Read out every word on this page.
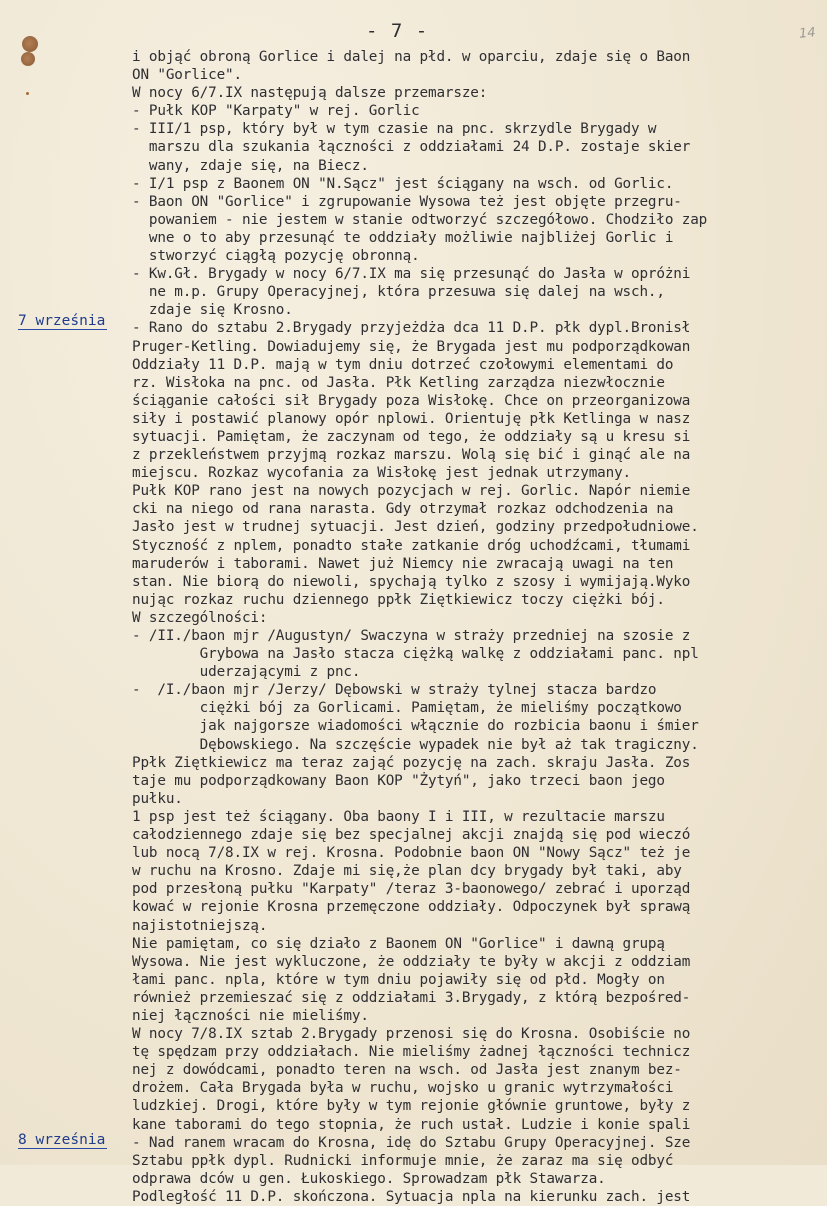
- 7 -	14
7 września
8 września
i objąć obroną Gorlice i dalej na płd. w oparciu, zdaje się o Baon
ON "Gorlice".
W nocy 6/7.IX następują dalsze przemarsze:
- Pułk KOP "Karpaty" w rej. Gorlic
- III/1 psp, który był w tym czasie na pnc. skrzydle Brygady w
marszu dla szukania łączności z oddziałami 24 D.P. zostaje skier
wany, zdaje się, na Biecz.
- I/1 psp z Baonem ON "N.Sącz" jest ściągany na wsch. od Gorlic.
- Baon ON "Gorlice" i zgrupowanie Wysowa też jest objęte przegru-
powaniem - nie jestem w stanie odtworzyć szczegółowo. Chodziło zap
wne o to aby przesunąć te oddziały możliwie najbliżej Gorlic i
stworzyć ciągłą pozycję obronną.
- Kw.Gł. Brygady w nocy 6/7.IX ma się przesunąć do Jasła w opróżni
ne m.p. Grupy Operacyjnej, która przesuwa się dalej na wsch.,
zdaje się Krosno.
- Rano do sztabu 2.Brygady przyjeżdża dca 11 D.P. płk dypl.Bronisł
Pruger-Ketling. Dowiadujemy się, że Brygada jest mu podporządkowan
Oddziały 11 D.P. mają w tym dniu dotrzeć czołowymi elementami do
rz. Wisłoka na pnc. od Jasła. Płk Ketling zarządza niezwłocznie
ściąganie całości sił Brygady poza Wisłokę. Chce on przeorganizowa
siły i postawić planowy opór nplowi. Orientuję płk Ketlinga w nasz
sytuacji. Pamiętam, że zaczynam od tego, że oddziały są u kresu si
z przekleństwem przyjmą rozkaz marszu. Wolą się bić i ginąć ale na
miejscu. Rozkaz wycofania za Wisłokę jest jednak utrzymany.
Pułk KOP rano jest na nowych pozycjach w rej. Gorlic. Napór niemie
cki na niego od rana narasta. Gdy otrzymał rozkaz odchodzenia na
Jasło jest w trudnej sytuacji. Jest dzień, godziny przedpołudniowe.
Styczność z nplem, ponadto stałe zatkanie dróg uchodźcami, tłumami
maruderów i taborami. Nawet już Niemcy nie zwracają uwagi na ten
stan. Nie biorą do niewoli, spychają tylko z szosy i wymijają.Wyko
nując rozkaz ruchu dziennego ppłk Ziętkiewicz toczy ciężki bój.
W szczególności:
- /II./baon mjr /Augustyn/ Swaczyna w straży przedniej na szosie z
Grybowa na Jasło stacza ciężką walkę z oddziałami panc. npl
uderzającymi z pnc.
-  /I./baon mjr /Jerzy/ Dębowski w straży tylnej stacza bardzo
ciężki bój za Gorlicami. Pamiętam, że mieliśmy początkowo
jak najgorsze wiadomości włącznie do rozbicia baonu i śmier
Dębowskiego. Na szczęście wypadek nie był aż tak tragiczny.
Ppłk Ziętkiewicz ma teraz zająć pozycję na zach. skraju Jasła. Zos
taje mu podporządkowany Baon KOP "Żytyń", jako trzeci baon jego
pułku.
1 psp jest też ściągany. Oba baony I i III, w rezultacie marszu
całodziennego zdaje się bez specjalnej akcji znajdą się pod wieczó
lub nocą 7/8.IX w rej. Krosna. Podobnie baon ON "Nowy Sącz" też je
w ruchu na Krosno. Zdaje mi się,że plan dcy brygady był taki, aby
pod przesłoną pułku "Karpaty" /teraz 3-baonowego/ zebrać i uporząd
kować w rejonie Krosna przemęczone oddziały. Odpoczynek był sprawą
najistotniejszą.
Nie pamiętam, co się działo z Baonem ON "Gorlice" i dawną grupą
Wysowa. Nie jest wykluczone, że oddziały te były w akcji z oddziam
łami panc. npla, które w tym dniu pojawiły się od płd. Mogły on
również przemieszać się z oddziałami 3.Brygady, z którą bezpośred-
niej łączności nie mieliśmy.
W nocy 7/8.IX sztab 2.Brygady przenosi się do Krosna. Osobiście no
tę spędzam przy oddziałach. Nie mieliśmy żadnej łączności technicz
nej z dowódcami, ponadto teren na wsch. od Jasła jest znanym bez-
drożem. Cała Brygada była w ruchu, wojsko u granic wytrzymałości
ludzkiej. Drogi, które były w tym rejonie głównie gruntowe, były z
kane taborami do tego stopnia, że ruch ustał. Ludzie i konie spali
- Nad ranem wracam do Krosna, idę do Sztabu Grupy Operacyjnej. Sze
Sztabu ppłk dypl. Rudnicki informuje mnie, że zaraz ma się odbyć
odprawa dców u gen. Łukoskiego. Sprowadzam płk Stawarza.
Podległość 11 D.P. skończona. Sytuacja npla na kierunku zach. jest
